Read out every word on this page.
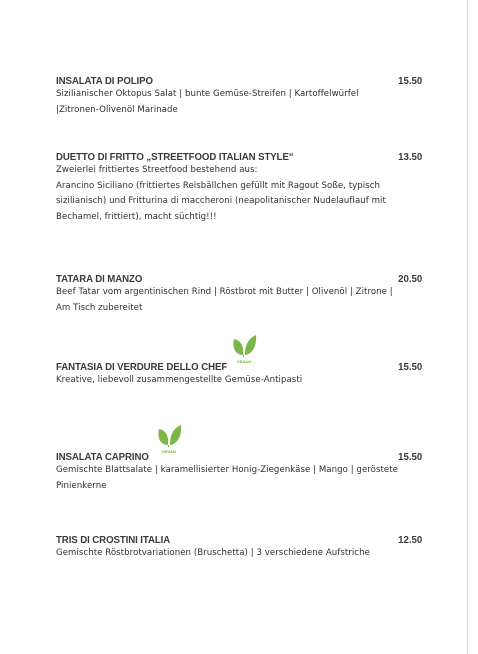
INSALATA DI POLIPO	15.50
Sizilianischer Oktopus Salat | bunte Gemüse-Streifen | Kartoffelwürfel
|Zitronen-Olivenöl Marinade
DUETTO DI FRITTO „STREETFOOD ITALIAN STYLE“	13.50
Zweierlei frittiertes Streetfood bestehend aus:
Arancino Siciliano (frittiertes Reisbällchen gefüllt mit Ragout Soße, typisch
sizilianisch) und Fritturina di maccheroni (neapolitanischer Nudelauflauf mit
Bechamel, frittiert), macht süchtig!!!
TATARA DI MANZO	20.50
Beef Tatar vom argentinischen Rind | Röstbrot mit Butter | Olivenöl | Zitrone |
Am Tisch zubereitet
VEGAN
FANTASIA DI VERDURE DELLO CHEF	15.50
Kreative, liebevoll zusammengestellte Gemüse-Antipasti
VEGAN
INSALATA CAPRINO	15.50
Gemischte Blattsalate | karamellisierter Honig-Ziegenkäse | Mango | geröstete
Pinienkerne
TRIS DI CROSTINI ITALIA	12.50
Gemischte Röstbrotvariationen (Bruschetta) | 3 verschiedene Aufstriche
